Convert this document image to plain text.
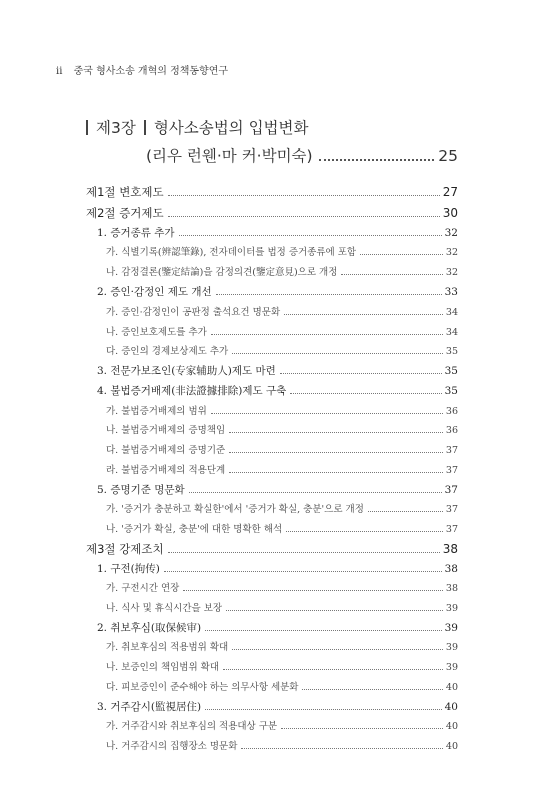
ii 중국 형사소송 개혁의 정책동향연구
제3장 형사소송법의 입법변화
(리우 런웬·마 커·박미숙)	25
제1절 변호제도	27
제2절 증거제도	30
1. 증거종류 추가	32
가. 식별기록(辨認筆錄), 전자데이터를 법정 증거종류에 포함	32
나. 감정결론(鑒定結論)을 감정의견(鑒定意見)으로 개정	32
2. 증인·감정인 제도 개선	33
가. 증인·감정인이 공판정 출석요건 명문화	34
나. 증인보호제도를 추가	34
다. 증인의 경제보상제도 추가	35
3. 전문가보조인(专家辅助人)제도 마련	35
4. 불법증거배제(非法證據排除)제도 구축	35
가. 불법증거배제의 범위	36
나. 불법증거배제의 증명책임	36
다. 불법증거배제의 증명기준	37
라. 불법증거배제의 적용단계	37
5. 증명기준 명문화	37
가. '증거가 충분하고 확실한'에서 '증거가 확실, 충분'으로 개정	37
나. '증거가 확실, 충분'에 대한 명확한 해석	37
제3절 강제조치	38
1. 구전(拘传)	38
가. 구전시간 연장	38
나. 식사 및 휴식시간을 보장	39
2. 취보후심(取保候审)	39
가. 취보후심의 적용범위 확대	39
나. 보증인의 책임범위 확대	39
다. 피보증인이 준수해야 하는 의무사항 세분화	40
3. 거주감시(監視居住)	40
가. 거주감시와 취보후심의 적용대상 구분	40
나. 거주감시의 집행장소 명문화	40
